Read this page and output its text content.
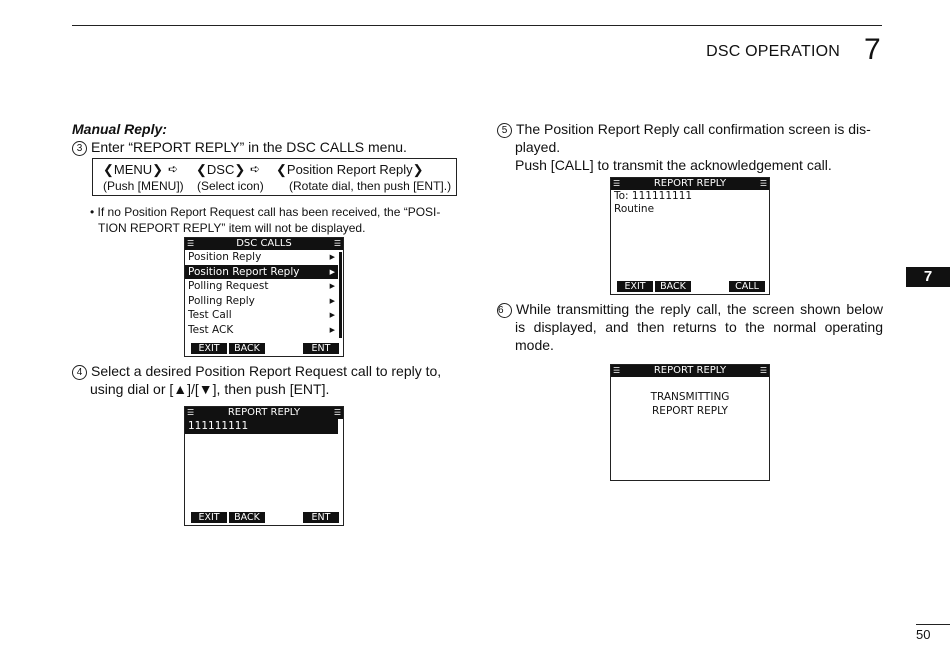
DSC OPERATION 7
7
Manual Reply:
3 Enter “REPORT REPLY” in the DSC CALLS menu.
❮MENU❯ ➪ ❮DSC❯ ➪ ❮Position Report Reply❯
(Push [MENU]) (Select icon) (Rotate dial, then push [ENT].)
• If no Position Report Request call has been received, the “POSI-
TION REPORT REPLY” item will not be displayed.
☰	DSC CALLS	☰
Position Reply	▶
Position Report Reply	▶
Polling Request	▶
Polling Reply	▶
Test Call	▶
Test ACK	▶
EXIT	BACK	ENT
4 Select a desired Position Report Request call to reply to,
using dial or [▲]/[▼], then push [ENT].
☰	REPORT REPLY	☰
111111111
EXIT	BACK	ENT
5 The Position Report Reply call confirmation screen is dis-
played.
Push [CALL] to transmit the acknowledgement call.
☰	REPORT REPLY	☰
To: 111111111
Routine
EXIT	BACK	CALL
6 While transmitting the reply call, the screen shown below
is displayed, and then returns to the normal operating
mode.
☰	REPORT REPLY	☰
TRANSMITTING
REPORT REPLY
50
